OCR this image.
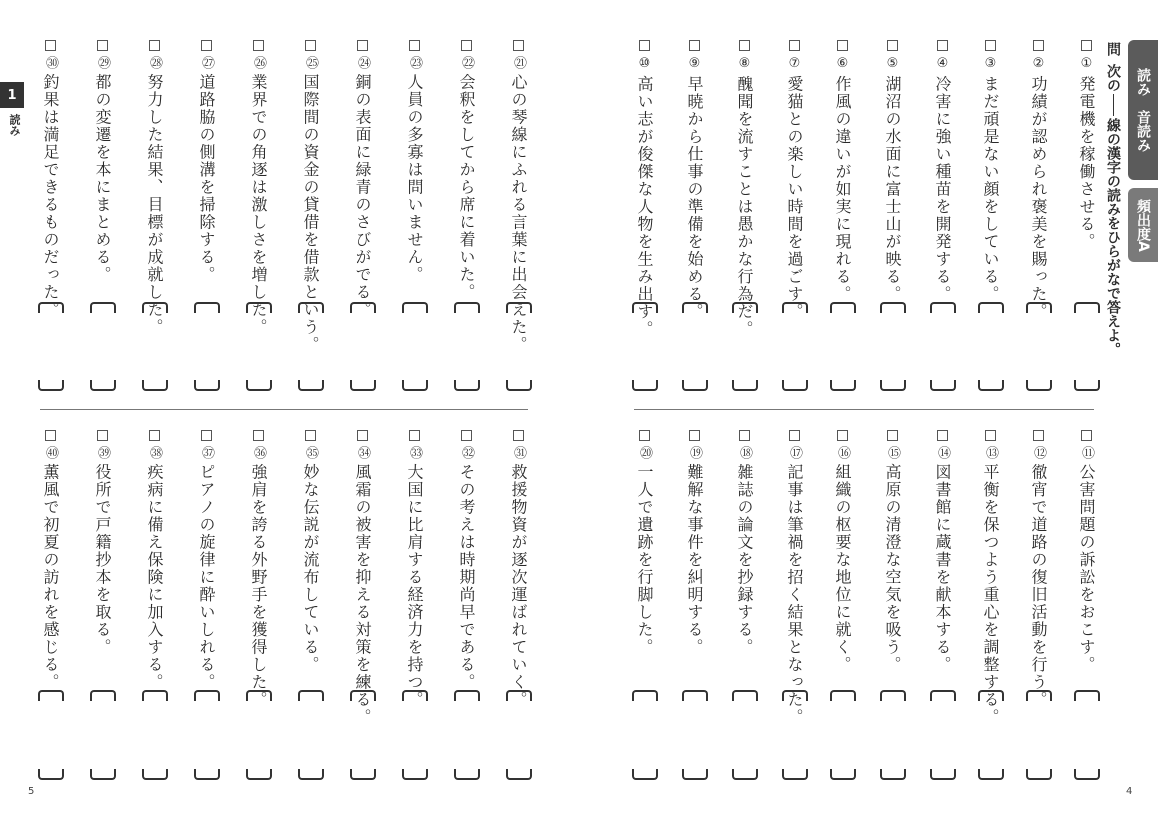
問次の線の漢字の読みをひらがなで答えよ。
読み　音読み
頻出度A
1
読み
①発電機を稼働させる。
②功績が認められ褒美を賜った。
③まだ頑是ない顔をしている。
④冷害に強い種苗を開発する。
⑤湖沼の水面に富士山が映る。
⑥作風の違いが如実に現れる。
⑦愛猫との楽しい時間を過ごす。
⑧醜聞を流すことは愚かな行為だ。
⑨早暁から仕事の準備を始める。
⑩高い志が俊傑な人物を生み出す。
⑪公害問題の訴訟をおこす。
⑫徹宵で道路の復旧活動を行う。
⑬平衡を保つよう重心を調整する。
⑭図書館に蔵書を献本する。
⑮高原の清澄な空気を吸う。
⑯組織の枢要な地位に就く。
⑰記事は筆禍を招く結果となった。
⑱雑誌の論文を抄録する。
⑲難解な事件を糾明する。
⑳一人で遺跡を行脚した。
㉑心の琴線にふれる言葉に出会えた。
㉒会釈をしてから席に着いた。
㉓人員の多寡は問いません。
㉔銅の表面に緑青のさびがでる。
㉕国際間の資金の貸借を借款という。
㉖業界での角逐は激しさを増した。
㉗道路脇の側溝を掃除する。
㉘努力した結果、目標が成就した。
㉙都の変遷を本にまとめる。
㉚釣果は満足できるものだった。
㉛救援物資が逐次運ばれていく。
㉜その考えは時期尚早である。
㉝大国に比肩する経済力を持つ。
㉞風霜の被害を抑える対策を練る。
㉟妙な伝説が流布している。
㊱強肩を誇る外野手を獲得した。
㊲ピアノの旋律に酔いしれる。
㊳疾病に備え保険に加入する。
㊴役所で戸籍抄本を取る。
㊵薫風で初夏の訪れを感じる。
5	4
